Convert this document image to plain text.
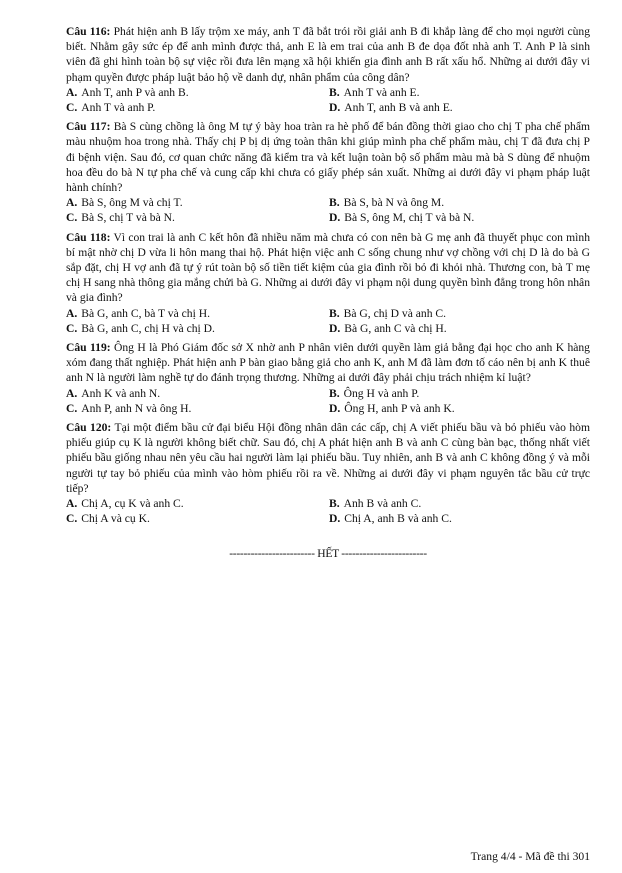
Câu 116: Phát hiện anh B lấy trộm xe máy, anh T đã bắt trói rồi giải anh B đi khắp làng để cho mọi người cùng biết. Nhằm gây sức ép để anh mình được thả, anh E là em trai của anh B đe dọa đốt nhà anh T. Anh P là sinh viên đã ghi hình toàn bộ sự việc rồi đưa lên mạng xã hội khiến gia đình anh B rất xấu hổ. Những ai dưới đây vi phạm quyền được pháp luật bảo hộ về danh dự, nhân phẩm của công dân?

A. Anh T, anh P và anh B.	B. Anh T và anh E.
C. Anh T và anh P.	D. Anh T, anh B và anh E.

Câu 117: Bà S cùng chồng là ông M tự ý bày hoa tràn ra hè phố để bán đồng thời giao cho chị T pha chế phẩm màu nhuộm hoa trong nhà. Thấy chị P bị dị ứng toàn thân khi giúp mình pha chế phẩm màu, chị T đã đưa chị P đi bệnh viện. Sau đó, cơ quan chức năng đã kiểm tra và kết luận toàn bộ số phẩm màu mà bà S dùng để nhuộm hoa đều do bà N tự pha chế và cung cấp khi chưa có giấy phép sản xuất. Những ai dưới đây vi phạm pháp luật hành chính?

A. Bà S, ông M và chị T.	B. Bà S, bà N và ông M.
C. Bà S, chị T và bà N.	D. Bà S, ông M, chị T và bà N.

Câu 118: Vì con trai là anh C kết hôn đã nhiều năm mà chưa có con nên bà G mẹ anh đã thuyết phục con mình bí mật nhờ chị D vừa li hôn mang thai hộ. Phát hiện việc anh C sống chung như vợ chồng với chị D là do bà G sắp đặt, chị H vợ anh đã tự ý rút toàn bộ số tiền tiết kiệm của gia đình rồi bỏ đi khỏi nhà. Thương con, bà T mẹ chị H sang nhà thông gia mắng chửi bà G. Những ai dưới đây vi phạm nội dung quyền bình đẳng trong hôn nhân và gia đình?

A. Bà G, anh C, bà T và chị H.	B. Bà G, chị D và anh C.
C. Bà G, anh C, chị H và chị D.	D. Bà G, anh C và chị H.

Câu 119: Ông H là Phó Giám đốc sở X nhờ anh P nhân viên dưới quyền làm giả bằng đại học cho anh K hàng xóm đang thất nghiệp. Phát hiện anh P bàn giao bằng giả cho anh K, anh M đã làm đơn tố cáo nên bị anh K thuê anh N là người làm nghề tự do đánh trọng thương. Những ai dưới đây phải chịu trách nhiệm kỉ luật?

A. Anh K và anh N.	B. Ông H và anh P.
C. Anh P, anh N và ông H.	D. Ông H, anh P và anh K.

Câu 120: Tại một điểm bầu cử đại biểu Hội đồng nhân dân các cấp, chị A viết phiếu bầu và bỏ phiếu vào hòm phiếu giúp cụ K là người không biết chữ. Sau đó, chị A phát hiện anh B và anh C cùng bàn bạc, thống nhất viết phiếu bầu giống nhau nên yêu cầu hai người làm lại phiếu bầu. Tuy nhiên, anh B và anh C không đồng ý và mỗi người tự tay bỏ phiếu của mình vào hòm phiếu rồi ra về. Những ai dưới đây vi phạm nguyên tắc bầu cử trực tiếp?

A. Chị A, cụ K và anh C.	B. Anh B và anh C.
C. Chị A và cụ K.	D. Chị A, anh B và anh C.
------------------------ HẾT ------------------------
Trang 4/4 - Mã đề thi 301
